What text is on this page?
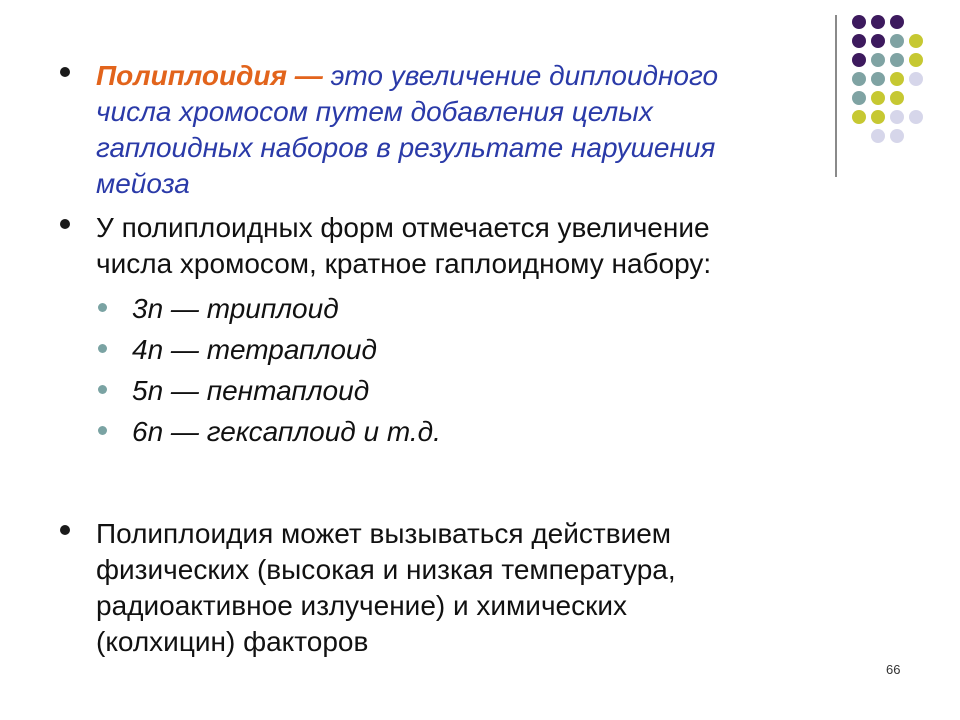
Полиплоидия — это увеличение диплоидного
числа хромосом путем добавления целых
гаплоидных наборов в результате нарушения
мейоза
У полиплоидных форм отмечается увеличение
числа хромосом, кратное гаплоидному набору:
3n — триплоид
4n — тетраплоид
5n — пентаплоид
6n — гексаплоид и т.д.
Полиплоидия может вызываться действием
физических (высокая и низкая температура,
радиоактивное излучение) и химических
(колхицин) факторов
66
